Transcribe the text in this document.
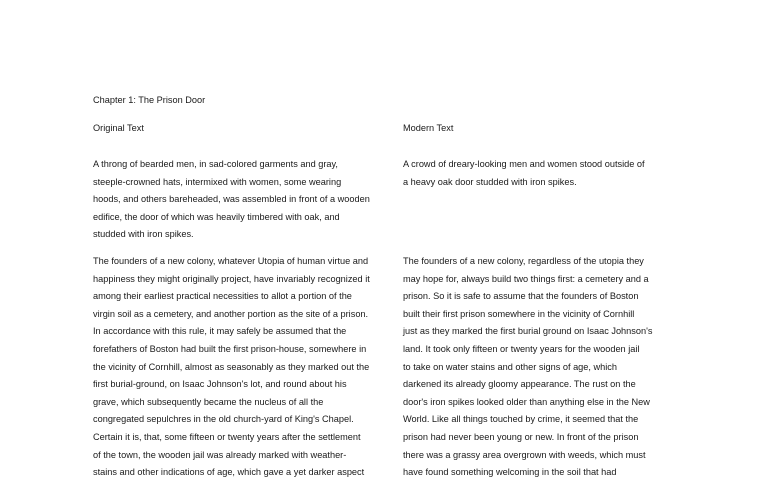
Chapter 1: The Prison Door
Original Text	Modern Text
A throng of bearded men, in sad-colored garments and gray,
steeple-crowned hats, intermixed with women, some wearing
hoods, and others bareheaded, was assembled in front of a wooden
edifice, the door of which was heavily timbered with oak, and
studded with iron spikes.
The founders of a new colony, whatever Utopia of human virtue and
happiness they might originally project, have invariably recognized it
among their earliest practical necessities to allot a portion of the
virgin soil as a cemetery, and another portion as the site of a prison.
In accordance with this rule, it may safely be assumed that the
forefathers of Boston had built the first prison-house, somewhere in
the vicinity of Cornhill, almost as seasonably as they marked out the
first burial-ground, on Isaac Johnson's lot, and round about his
grave, which subsequently became the nucleus of all the
congregated sepulchres in the old church-yard of King's Chapel.
Certain it is, that, some fifteen or twenty years after the settlement
of the town, the wooden jail was already marked with weather-
stains and other indications of age, which gave a yet darker aspect
A crowd of dreary-looking men and women stood outside of
a heavy oak door studded with iron spikes.
The founders of a new colony, regardless of the utopia they
may hope for, always build two things first: a cemetery and a
prison. So it is safe to assume that the founders of Boston
built their first prison somewhere in the vicinity of Cornhill
just as they marked the first burial ground on Isaac Johnson's
land. It took only fifteen or twenty years for the wooden jail
to take on water stains and other signs of age, which
darkened its already gloomy appearance. The rust on the
door's iron spikes looked older than anything else in the New
World. Like all things touched by crime, it seemed that the
prison had never been young or new. In front of the prison
there was a grassy area overgrown with weeds, which must
have found something welcoming in the soil that had
